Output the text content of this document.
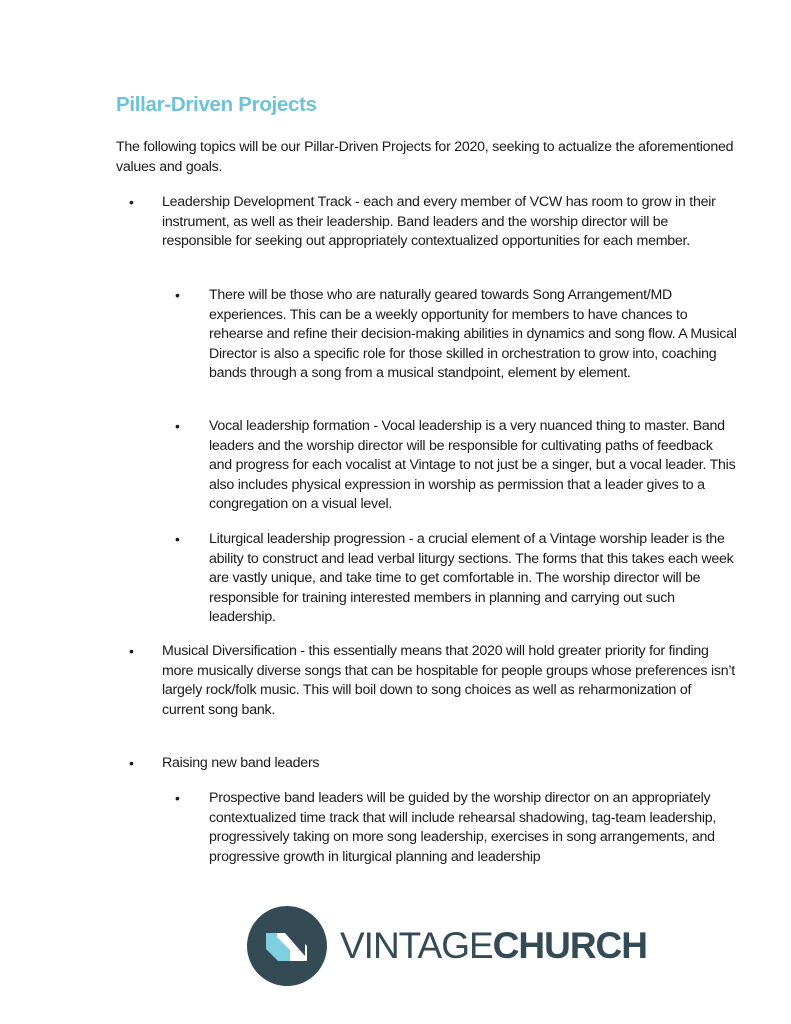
Pillar-Driven Projects

The following topics will be our Pillar-Driven Projects for 2020, seeking to actualize the aforementioned values and goals.

• Leadership Development Track - each and every member of VCW has room to grow in their instrument, as well as their leadership. Band leaders and the worship director will be responsible for seeking out appropriately contextualized opportunities for each member.

• There will be those who are naturally geared towards Song Arrangement/MD experiences. This can be a weekly opportunity for members to have chances to rehearse and refine their decision-making abilities in dynamics and song flow. A Musical Director is also a specific role for those skilled in orchestration to grow into, coaching bands through a song from a musical standpoint, element by element.

• Vocal leadership formation - Vocal leadership is a very nuanced thing to master. Band leaders and the worship director will be responsible for cultivating paths of feedback and progress for each vocalist at Vintage to not just be a singer, but a vocal leader. This also includes physical expression in worship as permission that a leader gives to a congregation on a visual level.

• Liturgical leadership progression - a crucial element of a Vintage worship leader is the ability to construct and lead verbal liturgy sections. The forms that this takes each week are vastly unique, and take time to get comfortable in. The worship director will be responsible for training interested members in planning and carrying out such leadership.

• Musical Diversification - this essentially means that 2020 will hold greater priority for finding more musically diverse songs that can be hospitable for people groups whose preferences isn’t largely rock/folk music. This will boil down to song choices as well as reharmonization of current song bank.

• Raising new band leaders

• Prospective band leaders will be guided by the worship director on an appropriately contextualized time track that will include rehearsal shadowing, tag-team leadership, progressively taking on more song leadership, exercises in song arrangements, and progressive growth in liturgical planning and leadership

VINTAGECHURCH
